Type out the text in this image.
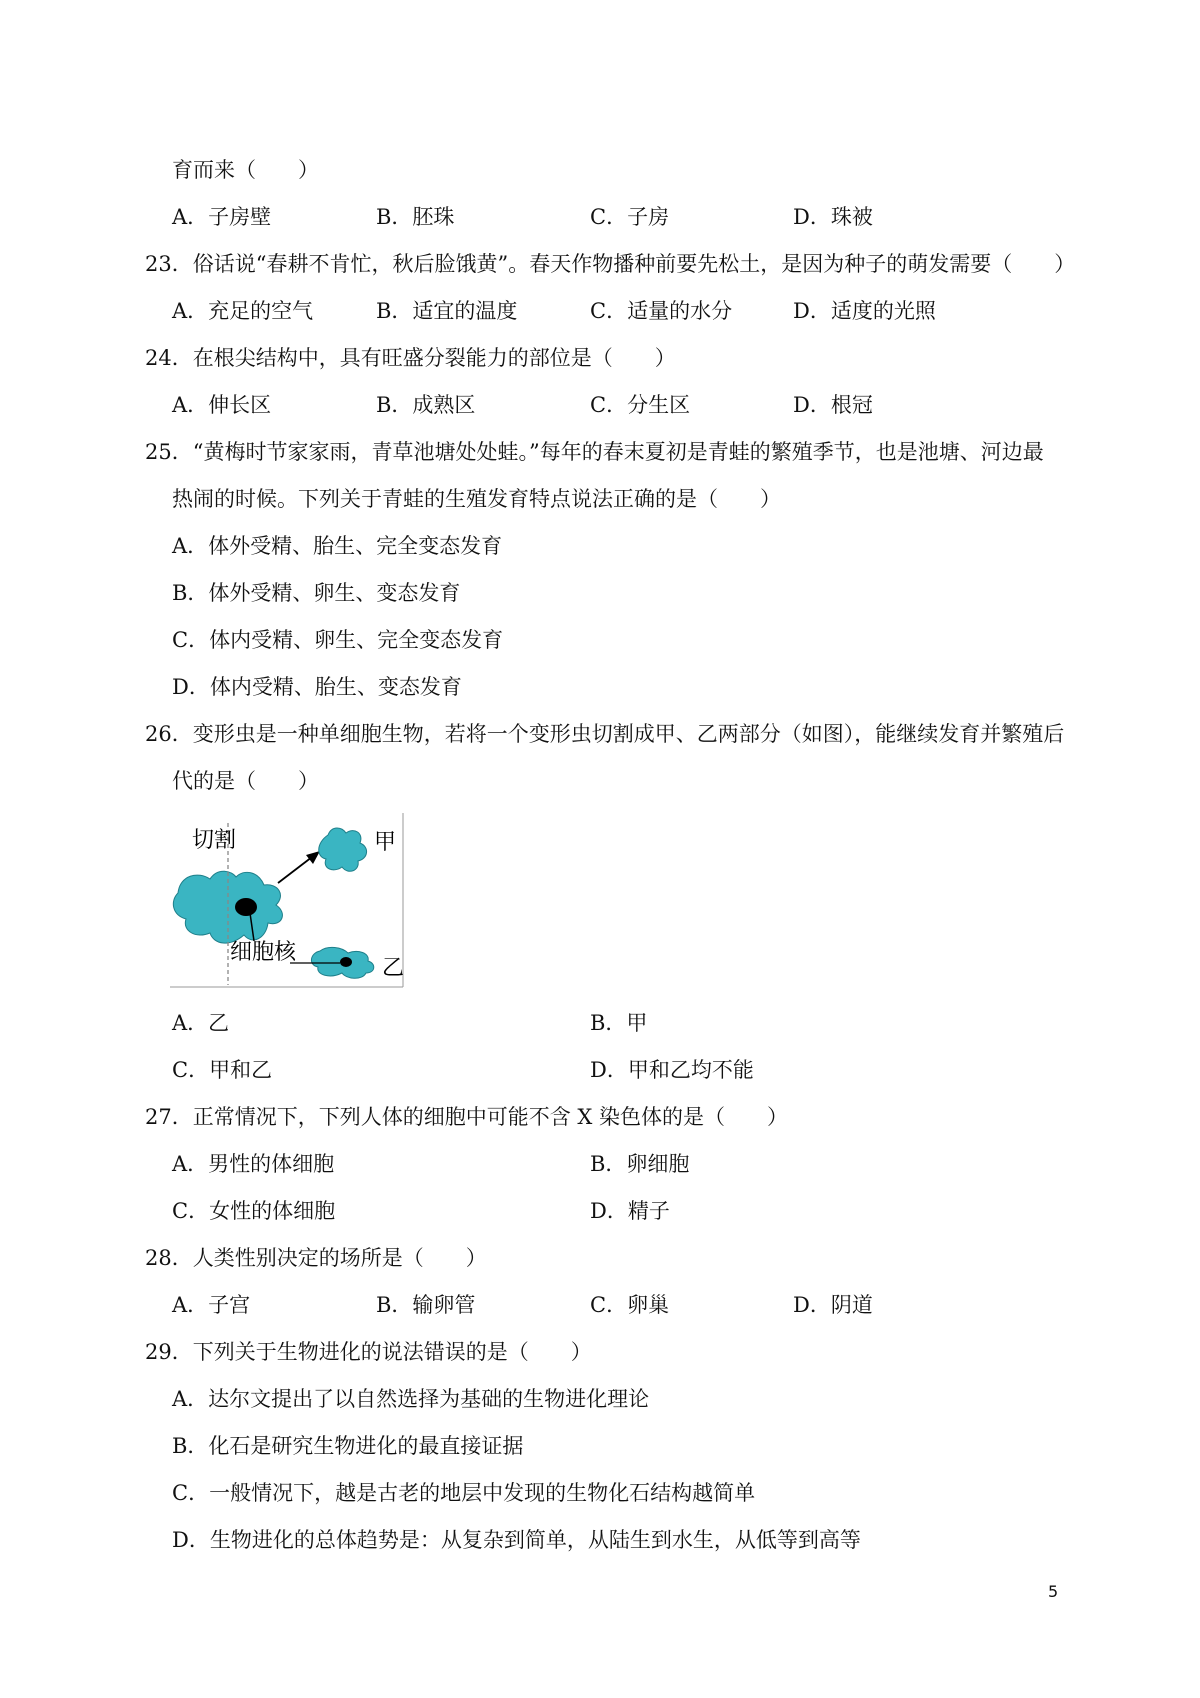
育而来（　　）
A．子房壁	B．胚珠	C．子房	D．珠被
23．俗话说“春耕不肯忙，秋后脸饿黄”。春天作物播种前要先松土，是因为种子的萌发需要（　　）
A．充足的空气	B．适宜的温度	C．适量的水分	D．适度的光照
24．在根尖结构中，具有旺盛分裂能力的部位是（　　）
A．伸长区	B．成熟区	C．分生区	D．根冠
25．“黄梅时节家家雨，青草池塘处处蛙。”每年的春末夏初是青蛙的繁殖季节，也是池塘、河边最
热闹的时候。下列关于青蛙的生殖发育特点说法正确的是（　　）
A．体外受精、胎生、完全变态发育
B．体外受精、卵生、变态发育
C．体内受精、卵生、完全变态发育
D．体内受精、胎生、变态发育
26．变形虫是一种单细胞生物，若将一个变形虫切割成甲、乙两部分（如图），能继续发育并繁殖后
代的是（　　）
切割	甲
乙
细胞核
A．乙	B．甲
C．甲和乙	D．甲和乙均不能
27．正常情况下，下列人体的细胞中可能不含 X 染色体的是（　　）
A．男性的体细胞	B．卵细胞
C．女性的体细胞	D．精子
28．人类性别决定的场所是（　　）
A．子宫	B．输卵管	C．卵巢	D．阴道
29．下列关于生物进化的说法错误的是（　　）
A．达尔文提出了以自然选择为基础的生物进化理论
B．化石是研究生物进化的最直接证据
C．一般情况下，越是古老的地层中发现的生物化石结构越简单
D．生物进化的总体趋势是：从复杂到简单，从陆生到水生，从低等到高等
5
